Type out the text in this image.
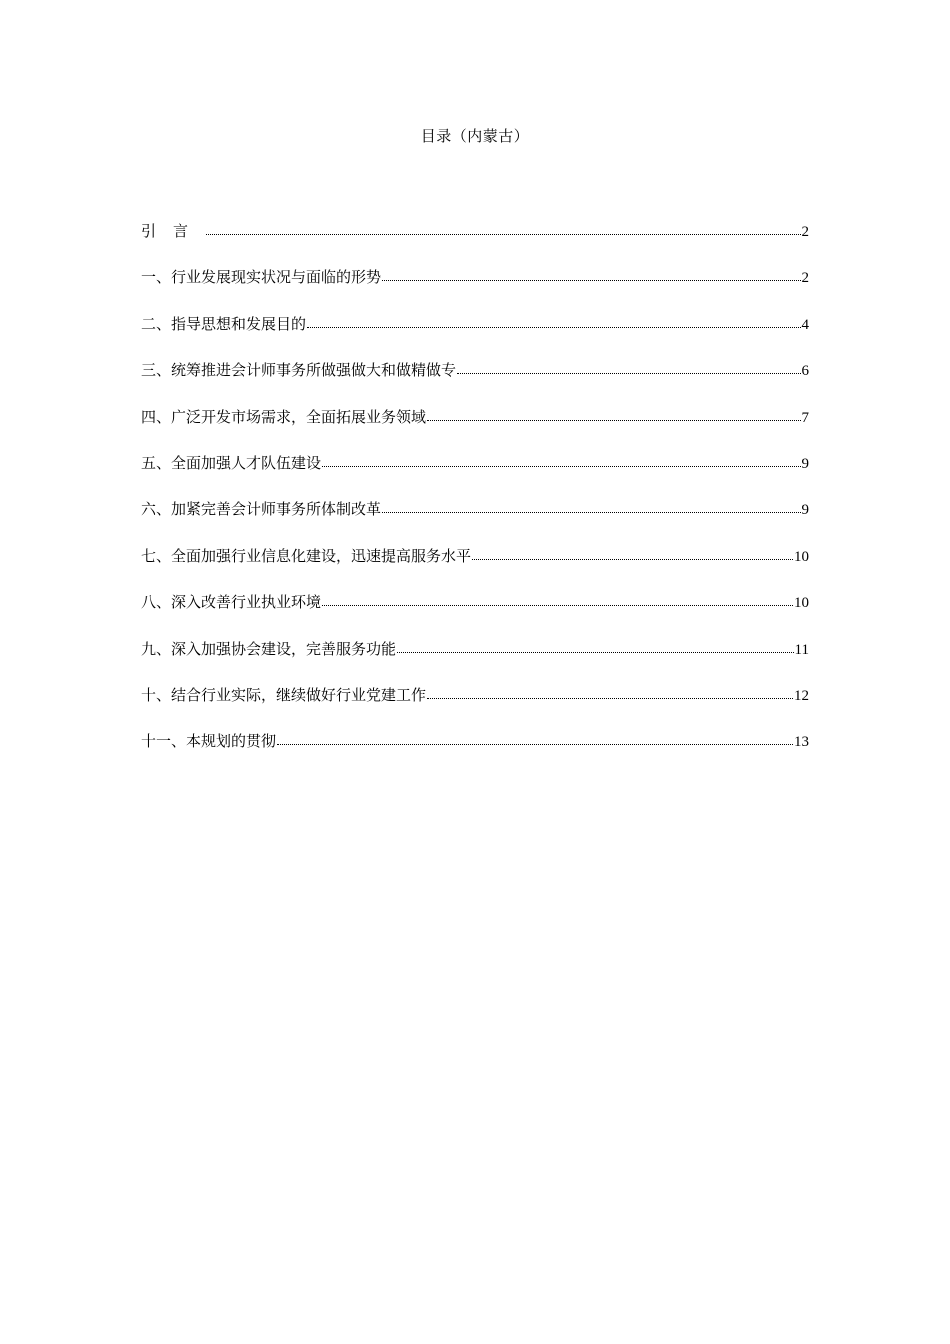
目录（内蒙古）
引言	2
一、行业发展现实状况与面临的形势	2
二、指导思想和发展目的	4
三、统筹推进会计师事务所做强做大和做精做专	6
四、广泛开发市场需求，全面拓展业务领域	7
五、全面加强人才队伍建设	9
六、加紧完善会计师事务所体制改革	9
七、全面加强行业信息化建设，迅速提高服务水平	10
八、深入改善行业执业环境	10
九、深入加强协会建设，完善服务功能	11
十、结合行业实际，继续做好行业党建工作	12
十一、本规划的贯彻	13
